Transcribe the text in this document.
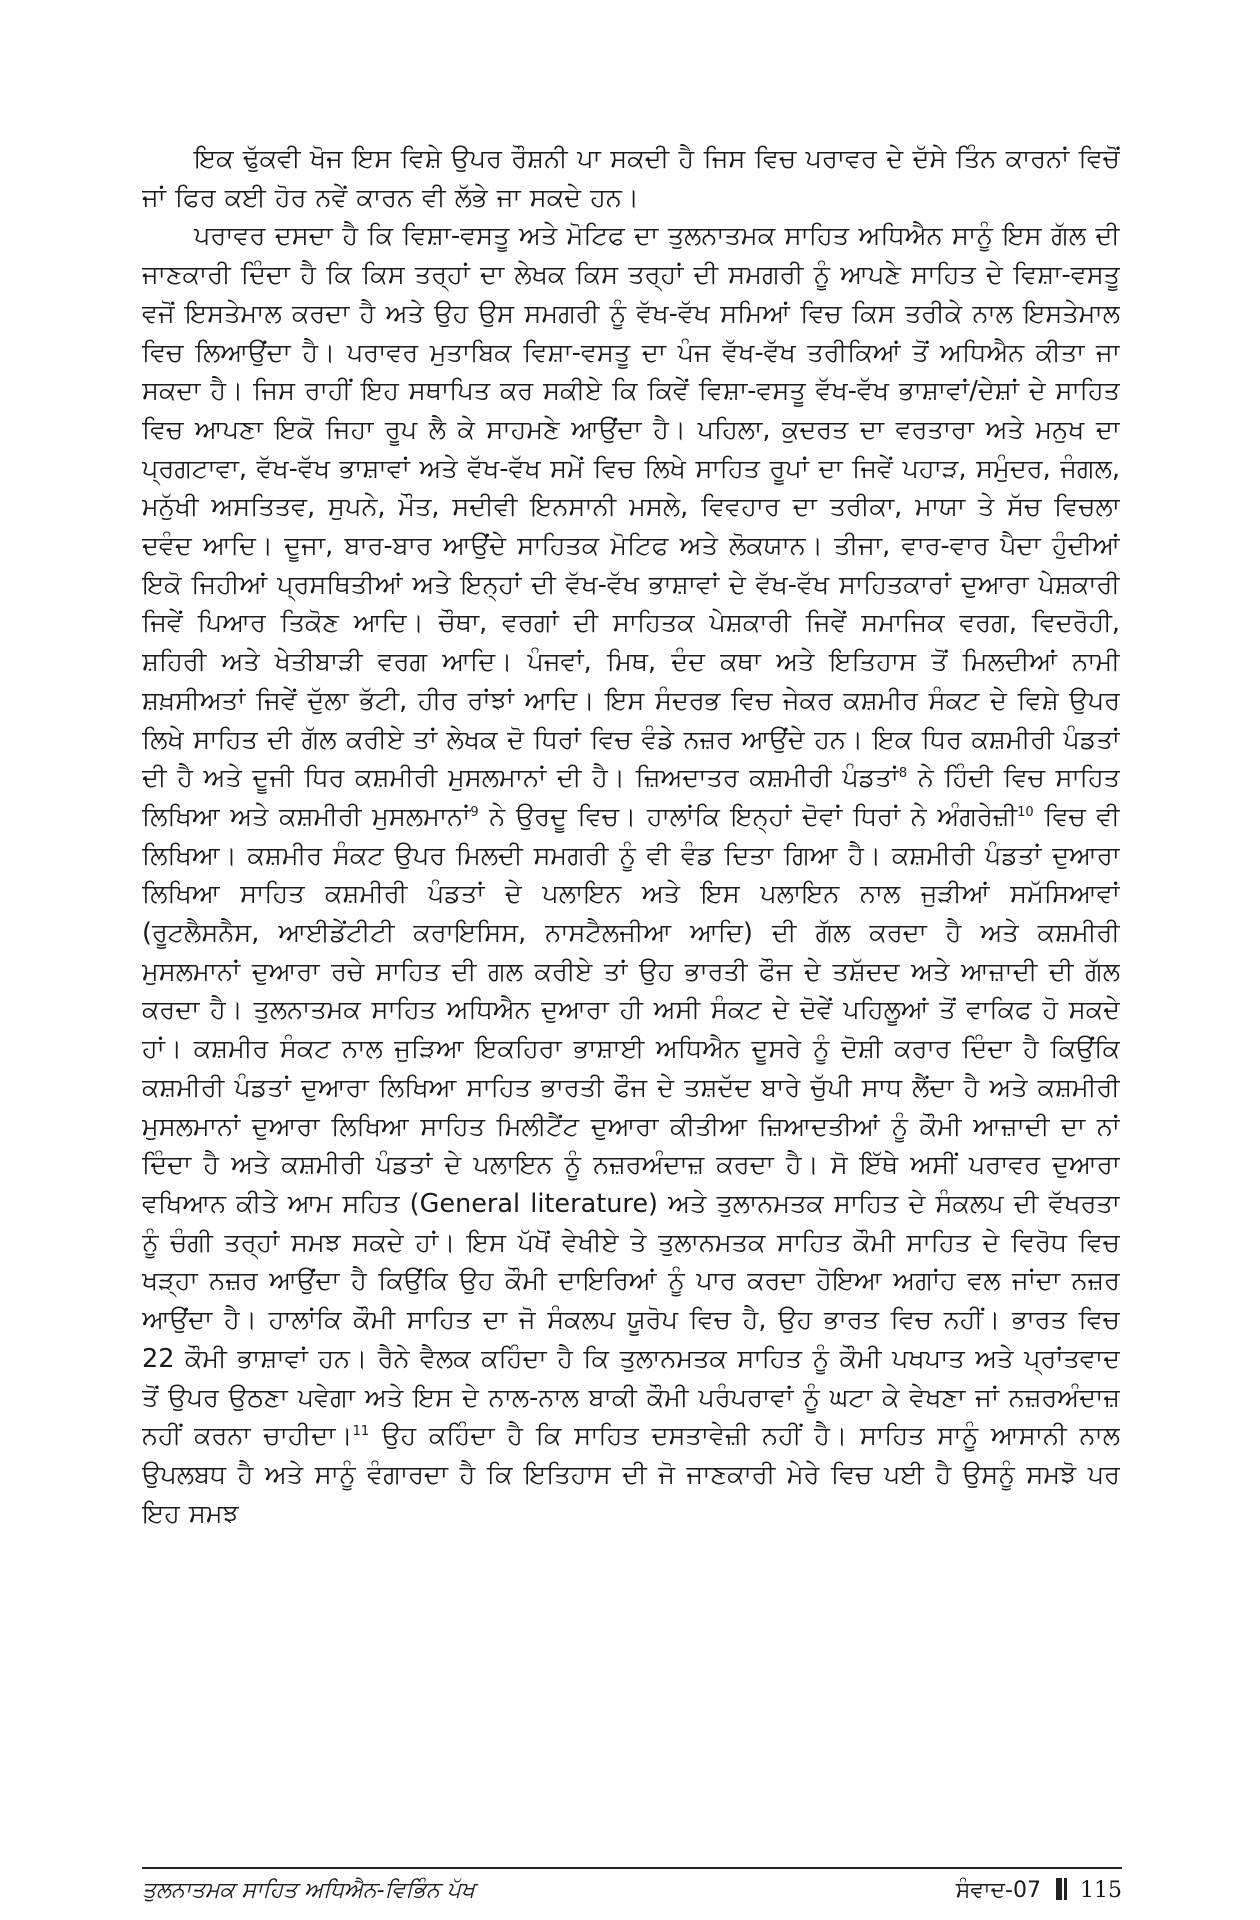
ਇਕ ਢੁੱਕਵੀ ਖੋਜ ਇਸ ਵਿਸ਼ੇ ਉਪਰ ਰੌਸ਼ਨੀ ਪਾ ਸਕਦੀ ਹੈ ਜਿਸ ਵਿਚ ਪਰਾਵਰ ਦੇ ਦੱਸੇ ਤਿੰਨ ਕਾਰਨਾਂ ਵਿਚੋਂ ਜਾਂ ਫਿਰ ਕਈ ਹੋਰ ਨਵੇਂ ਕਾਰਨ ਵੀ ਲੱਭੇ ਜਾ ਸਕਦੇ ਹਨ।

ਪਰਾਵਰ ਦਸਦਾ ਹੈ ਕਿ ਵਿਸ਼ਾ-ਵਸਤੂ ਅਤੇ ਮੋਟਿਫ ਦਾ ਤੁਲਨਾਤਮਕ ਸਾਹਿਤ ਅਧਿਐਨ ਸਾਨੂੰ ਇਸ ਗੱਲ ਦੀ ਜਾਣਕਾਰੀ ਦਿੰਦਾ ਹੈ ਕਿ ਕਿਸ ਤਰ੍ਹਾਂ ਦਾ ਲੇਖਕ ਕਿਸ ਤਰ੍ਹਾਂ ਦੀ ਸਮਗਰੀ ਨੂੰ ਆਪਣੇ ਸਾਹਿਤ ਦੇ ਵਿਸ਼ਾ-ਵਸਤੂ ਵਜੋਂ ਇਸਤੇਮਾਲ ਕਰਦਾ ਹੈ ਅਤੇ ਉਹ ਉਸ ਸਮਗਰੀ ਨੂੰ ਵੱਖ-ਵੱਖ ਸਮਿਆਂ ਵਿਚ ਕਿਸ ਤਰੀਕੇ ਨਾਲ ਇਸਤੇਮਾਲ ਵਿਚ ਲਿਆਉਂਦਾ ਹੈ। ਪਰਾਵਰ ਮੁਤਾਬਿਕ ਵਿਸ਼ਾ-ਵਸਤੂ ਦਾ ਪੰਜ ਵੱਖ-ਵੱਖ ਤਰੀਕਿਆਂ ਤੋਂ ਅਧਿਐਨ ਕੀਤਾ ਜਾ ਸਕਦਾ ਹੈ। ਜਿਸ ਰਾਹੀਂ ਇਹ ਸਥਾਪਿਤ ਕਰ ਸਕੀਏ ਕਿ ਕਿਵੇਂ ਵਿਸ਼ਾ-ਵਸਤੂ ਵੱਖ-ਵੱਖ ਭਾਸ਼ਾਵਾਂ/ਦੇਸ਼ਾਂ ਦੇ ਸਾਹਿਤ ਵਿਚ ਆਪਣਾ ਇਕੋ ਜਿਹਾ ਰੂਪ ਲੈ ਕੇ ਸਾਹਮਣੇ ਆਉਂਦਾ ਹੈ। ਪਹਿਲਾ, ਕੁਦਰਤ ਦਾ ਵਰਤਾਰਾ ਅਤੇ ਮਨੁਖ ਦਾ ਪ੍ਰਗਟਾਵਾ, ਵੱਖ-ਵੱਖ ਭਾਸ਼ਾਵਾਂ ਅਤੇ ਵੱਖ-ਵੱਖ ਸਮੇਂ ਵਿਚ ਲਿਖੇ ਸਾਹਿਤ ਰੂਪਾਂ ਦਾ ਜਿਵੇਂ ਪਹਾੜ, ਸਮੁੰਦਰ, ਜੰਗਲ, ਮਨੁੱਖੀ ਅਸਤਿਤਵ, ਸੁਪਨੇ, ਮੌਤ, ਸਦੀਵੀ ਇਨਸਾਨੀ ਮਸਲੇ, ਵਿਵਹਾਰ ਦਾ ਤਰੀਕਾ, ਮਾਯਾ ਤੇ ਸੱਚ ਵਿਚਲਾ ਦਵੰਦ ਆਦਿ। ਦੂਜਾ, ਬਾਰ-ਬਾਰ ਆਉਂਦੇ ਸਾਹਿਤਕ ਮੋਟਿਫ ਅਤੇ ਲੋਕਯਾਨ। ਤੀਜਾ, ਵਾਰ-ਵਾਰ ਪੈਦਾ ਹੁੰਦੀਆਂ ਇਕੋ ਜਿਹੀਆਂ ਪ੍ਰਸਥਿਤੀਆਂ ਅਤੇ ਇਨ੍ਹਾਂ ਦੀ ਵੱਖ-ਵੱਖ ਭਾਸ਼ਾਵਾਂ ਦੇ ਵੱਖ-ਵੱਖ ਸਾਹਿਤਕਾਰਾਂ ਦੁਆਰਾ ਪੇਸ਼ਕਾਰੀ ਜਿਵੇਂ ਪਿਆਰ ਤਿਕੋਣ ਆਦਿ। ਚੌਥਾ, ਵਰਗਾਂ ਦੀ ਸਾਹਿਤਕ ਪੇਸ਼ਕਾਰੀ ਜਿਵੇਂ ਸਮਾਜਿਕ ਵਰਗ, ਵਿਦਰੋਹੀ, ਸ਼ਹਿਰੀ ਅਤੇ ਖੇਤੀਬਾੜੀ ਵਰਗ ਆਦਿ। ਪੰਜਵਾਂ, ਮਿਥ, ਦੰਦ ਕਥਾ ਅਤੇ ਇਤਿਹਾਸ ਤੋਂ ਮਿਲਦੀਆਂ ਨਾਮੀ ਸ਼ਖ਼ਸੀਅਤਾਂ ਜਿਵੇਂ ਦੁੱਲਾ ਭੱਟੀ, ਹੀਰ ਰਾਂਝਾਂ ਆਦਿ। ਇਸ ਸੰਦਰਭ ਵਿਚ ਜੇਕਰ ਕਸ਼ਮੀਰ ਸੰਕਟ ਦੇ ਵਿਸ਼ੇ ਉਪਰ ਲਿਖੇ ਸਾਹਿਤ ਦੀ ਗੱਲ ਕਰੀਏ ਤਾਂ ਲੇਖਕ ਦੋ ਧਿਰਾਂ ਵਿਚ ਵੰਡੇ ਨਜ਼ਰ ਆਉਂਦੇ ਹਨ। ਇਕ ਧਿਰ ਕਸ਼ਮੀਰੀ ਪੰਡਤਾਂ ਦੀ ਹੈ ਅਤੇ ਦੂਜੀ ਧਿਰ ਕਸ਼ਮੀਰੀ ਮੁਸਲਮਾਨਾਂ ਦੀ ਹੈ। ਜ਼ਿਅਦਾਤਰ ਕਸ਼ਮੀਰੀ ਪੰਡਤਾਂ$^8$ ਨੇ ਹਿੰਦੀ ਵਿਚ ਸਾਹਿਤ ਲਿਖਿਆ ਅਤੇ ਕਸ਼ਮੀਰੀ ਮੁਸਲਮਾਨਾਂ$^9$ ਨੇ ਉਰਦੂ ਵਿਚ। ਹਾਲਾਂਕਿ ਇਨ੍ਹਾਂ ਦੋਵਾਂ ਧਿਰਾਂ ਨੇ ਅੰਗਰੇਜ਼ੀ$^{10}$ ਵਿਚ ਵੀ ਲਿਖਿਆ। ਕਸ਼ਮੀਰ ਸੰਕਟ ਉਪਰ ਮਿਲਦੀ ਸਮਗਰੀ ਨੂੰ ਵੀ ਵੰਡ ਦਿਤਾ ਗਿਆ ਹੈ। ਕਸ਼ਮੀਰੀ ਪੰਡਤਾਂ ਦੁਆਰਾ ਲਿਖਿਆ ਸਾਹਿਤ ਕਸ਼ਮੀਰੀ ਪੰਡਤਾਂ ਦੇ ਪਲਾਇਨ ਅਤੇ ਇਸ ਪਲਾਇਨ ਨਾਲ ਜੁੜੀਆਂ ਸਮੱਸਿਆਵਾਂ (ਰੂਟਲੈਸਨੈਸ, ਆਈਡੇਂਟੀਟੀ ਕਰਾਇਸਿਸ, ਨਾਸਟੈਲਜੀਆ ਆਦਿ) ਦੀ ਗੱਲ ਕਰਦਾ ਹੈ ਅਤੇ ਕਸ਼ਮੀਰੀ ਮੁਸਲਮਾਨਾਂ ਦੁਆਰਾ ਰਚੇ ਸਾਹਿਤ ਦੀ ਗਲ ਕਰੀਏ ਤਾਂ ਉਹ ਭਾਰਤੀ ਫੌਜ ਦੇ ਤਸ਼ੱਦਦ ਅਤੇ ਆਜ਼ਾਦੀ ਦੀ ਗੱਲ ਕਰਦਾ ਹੈ। ਤੁਲਨਾਤਮਕ ਸਾਹਿਤ ਅਧਿਐਨ ਦੁਆਰਾ ਹੀ ਅਸੀ ਸੰਕਟ ਦੇ ਦੋਵੇਂ ਪਹਿਲੂਆਂ ਤੋਂ ਵਾਕਿਫ ਹੋ ਸਕਦੇ ਹਾਂ। ਕਸ਼ਮੀਰ ਸੰਕਟ ਨਾਲ ਜੁੜਿਆ ਇਕਹਿਰਾ ਭਾਸ਼ਾਈ ਅਧਿਐਨ ਦੂਸਰੇ ਨੂੰ ਦੋਸ਼ੀ ਕਰਾਰ ਦਿੰਦਾ ਹੈ ਕਿਉਂਕਿ ਕਸ਼ਮੀਰੀ ਪੰਡਤਾਂ ਦੁਆਰਾ ਲਿਖਿਆ ਸਾਹਿਤ ਭਾਰਤੀ ਫੌਜ ਦੇ ਤਸ਼ਦੱਦ ਬਾਰੇ ਚੁੱਪੀ ਸਾਧ ਲੈਂਦਾ ਹੈ ਅਤੇ ਕਸ਼ਮੀਰੀ ਮੁਸਲਮਾਨਾਂ ਦੁਆਰਾ ਲਿਖਿਆ ਸਾਹਿਤ ਮਿਲੀਟੈਂਟ ਦੁਆਰਾ ਕੀਤੀਆ ਜ਼ਿਆਦਤੀਆਂ ਨੂੰ ਕੌਮੀ ਆਜ਼ਾਦੀ ਦਾ ਨਾਂ ਦਿੰਦਾ ਹੈ ਅਤੇ ਕਸ਼ਮੀਰੀ ਪੰਡਤਾਂ ਦੇ ਪਲਾਇਨ ਨੂੰ ਨਜ਼ਰਅੰਦਾਜ਼ ਕਰਦਾ ਹੈ। ਸੋ ਇੱਥੇ ਅਸੀਂ ਪਰਾਵਰ ਦੁਆਰਾ ਵਖਿਆਨ ਕੀਤੇ ਆਮ ਸਹਿਤ (General literature) ਅਤੇ ਤੁਲਾਨਮਤਕ ਸਾਹਿਤ ਦੇ ਸੰਕਲਪ ਦੀ ਵੱਖਰਤਾ ਨੂੰ ਚੰਗੀ ਤਰ੍ਹਾਂ ਸਮਝ ਸਕਦੇ ਹਾਂ। ਇਸ ਪੱਖੋਂ ਵੇਖੀਏ ਤੇ ਤੁਲਾਨਮਤਕ ਸਾਹਿਤ ਕੌਮੀ ਸਾਹਿਤ ਦੇ ਵਿਰੋਧ ਵਿਚ ਖੜ੍ਹਾ ਨਜ਼ਰ ਆਉਂਦਾ ਹੈ ਕਿਉਂਕਿ ਉਹ ਕੌਮੀ ਦਾਇਰਿਆਂ ਨੂੰ ਪਾਰ ਕਰਦਾ ਹੋਇਆ ਅਗਾਂਹ ਵਲ ਜਾਂਦਾ ਨਜ਼ਰ ਆਉਂਦਾ ਹੈ। ਹਾਲਾਂਕਿ ਕੌਮੀ ਸਾਹਿਤ ਦਾ ਜੋ ਸੰਕਲਪ ਯੂਰੋਪ ਵਿਚ ਹੈ, ਉਹ ਭਾਰਤ ਵਿਚ ਨਹੀਂ। ਭਾਰਤ ਵਿਚ 22 ਕੌਮੀ ਭਾਸ਼ਾਵਾਂ ਹਨ। ਰੈਨੇ ਵੈਲਕ ਕਹਿੰਦਾ ਹੈ ਕਿ ਤੁਲਾਨਮਤਕ ਸਾਹਿਤ ਨੂੰ ਕੌਮੀ ਪਖਪਾਤ ਅਤੇ ਪ੍ਰਾਂਤਵਾਦ ਤੋਂ ਉਪਰ ਉਠਣਾ ਪਵੇਗਾ ਅਤੇ ਇਸ ਦੇ ਨਾਲ-ਨਾਲ ਬਾਕੀ ਕੌਮੀ ਪਰੰਪਰਾਵਾਂ ਨੂੰ ਘਟਾ ਕੇ ਵੇਖਣਾ ਜਾਂ ਨਜ਼ਰਅੰਦਾਜ਼ ਨਹੀਂ ਕਰਨਾ ਚਾਹੀਦਾ।$^{11}$ ਉਹ ਕਹਿੰਦਾ ਹੈ ਕਿ ਸਾਹਿਤ ਦਸਤਾਵੇਜ਼ੀ ਨਹੀਂ ਹੈ। ਸਾਹਿਤ ਸਾਨੂੰ ਆਸਾਨੀ ਨਾਲ ਉਪਲਬਧ ਹੈ ਅਤੇ ਸਾਨੂੰ ਵੰਗਾਰਦਾ ਹੈ ਕਿ ਇਤਿਹਾਸ ਦੀ ਜੋ ਜਾਣਕਾਰੀ ਮੇਰੇ ਵਿਚ ਪਈ ਹੈ ਉਸਨੂੰ ਸਮਝੋ ਪਰ ਇਹ ਸਮਝ

ਤੁਲਨਾਤਮਕ ਸਾਹਿਤ ਅਧਿਐਨ-ਵਿਭਿੰਨ ਪੱਖ	ਸੰਵਾਦ-07 115
